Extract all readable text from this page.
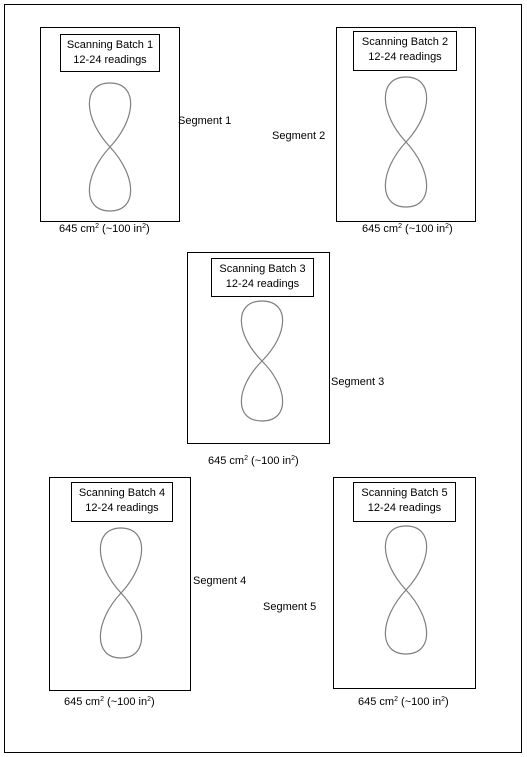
Scanning Batch 1
12-24 readings
Segment 1
645 $cm^2$ (~100 $in^2$)
Scanning Batch 2
12-24 readings
Segment 2
645 $cm^2$ (~100 $in^2$)
Scanning Batch 3
12-24 readings
Segment 3
645 $cm^2$ (~100 $in^2$)
Scanning Batch 4
12-24 readings
Segment 4
645 $cm^2$ (~100 $in^2$)
Scanning Batch 5
12-24 readings
Segment 5
645 $cm^2$ (~100 $in^2$)
